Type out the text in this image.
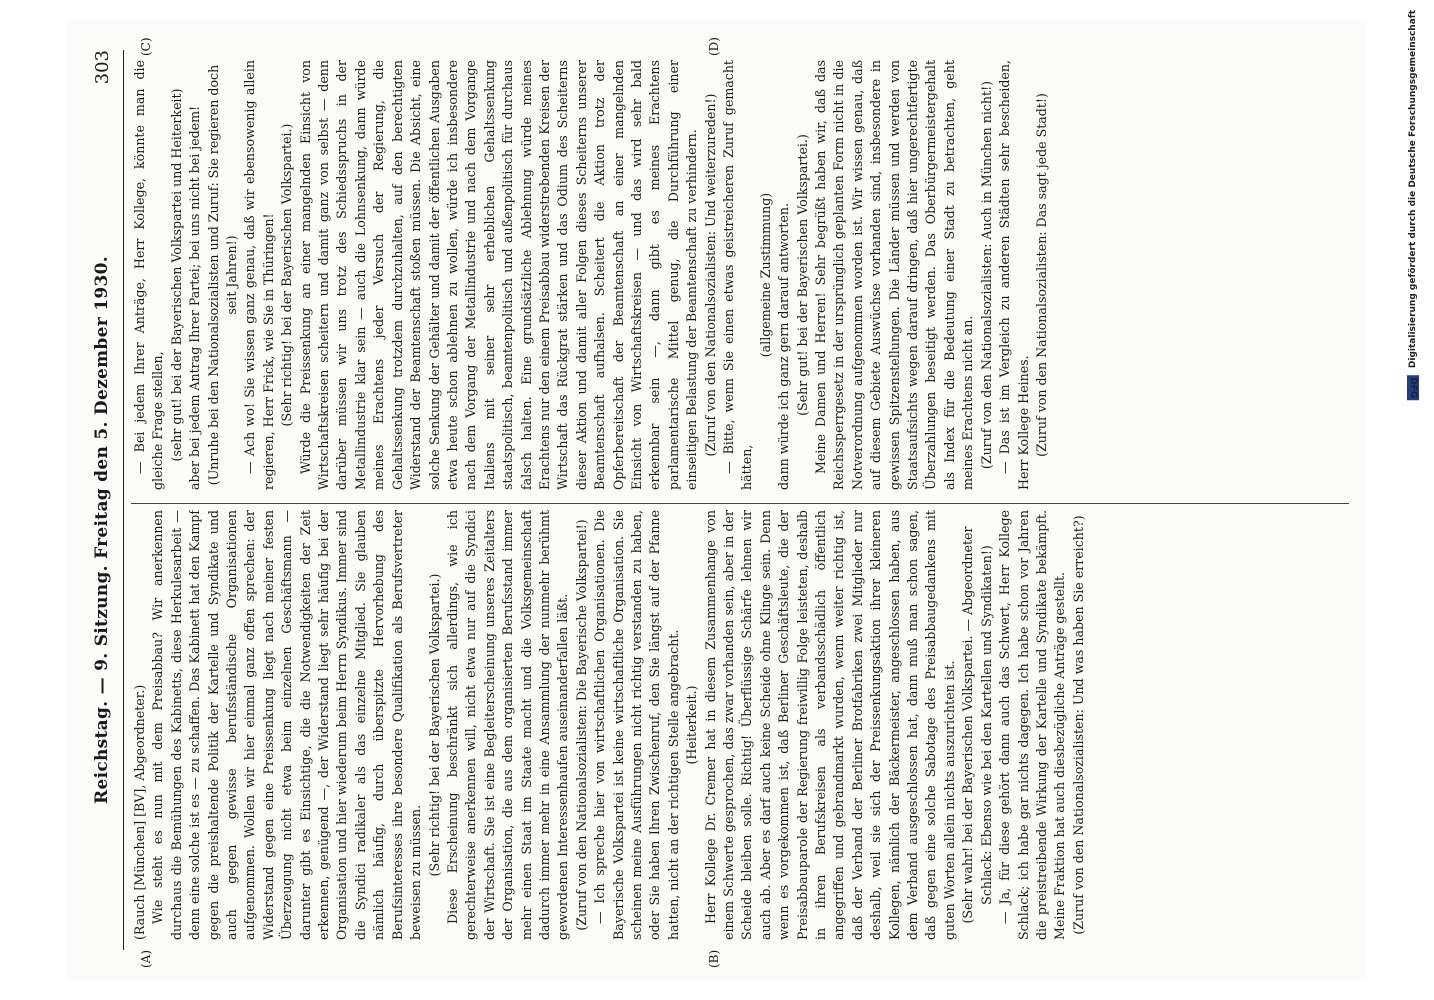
Reichstag. — 9. Sitzung. Freitag den 5. Dezember 1930.
303
(A)	(B)
(C)	(D)

(Rauch [München] [BV], Abgeordneter.) Wie steht es nun mit dem Preisabbau? Wir anerkennen durchaus die Bemühungen des Kabinetts, diese Herkulesarbeit — denn eine solche ist es — zu schaffen. Das Kabinett hat den Kampf gegen die preishaltende Politik der Kartelle und Syndikate und auch gegen gewisse berufsständische Organisationen aufgenommen. Wollen wir hier einmal ganz offen sprechen: der Widerstand gegen eine Preissenkung liegt nach meiner festen Überzeugung nicht etwa beim einzelnen Geschäftsmann — darunter gibt es Einsichtige, die die Notwendigkeiten der Zeit erkennen, genügend —, der Widerstand liegt sehr häufig bei der Organisation und hier wiederum beim Herrn Syndikus. Immer sind die Syndici radikaler als das einzelne Mitglied. Sie glauben nämlich häufig, durch überspitzte Hervorhebung des Berufsinteresses ihre besondere Qualifikation als Berufsvertreter beweisen zu müssen. (Sehr richtig! bei der Bayerischen Volkspartei.) Diese Erscheinung beschränkt sich allerdings, wie ich gerechterweise anerkennen will, nicht etwa nur auf die Syndici der Wirtschaft. Sie ist eine Begleiterscheinung unseres Zeitalters der Organisation, die aus dem organisierten Berufsstand immer mehr einen Staat im Staate macht und die Volksgemeinschaft dadurch immer mehr in eine Ansammlung der nunmehr berühmt gewordenen Interessenhaufen auseinanderfallen läßt. (Zuruf von den Nationalsozialisten: Die Bayerische Volkspartei!) — Ich spreche hier von wirtschaftlichen Organisationen. Die Bayerische Volkspartei ist keine wirtschaftliche Organisation. Sie scheinen meine Ausführungen nicht richtig verstanden zu haben, oder Sie haben Ihren Zwischenruf, den Sie längst auf der Pfanne hatten, nicht an der richtigen Stelle angebracht. (Heiterkeit.) Herr Kollege Dr. Cremer hat in diesem Zusammenhange von einem Schwerte gesprochen, das zwar vorhanden sein, aber in der Scheide bleiben solle. Richtig! Überflüssige Schärfe lehnen wir auch ab. Aber es darf auch keine Scheide ohne Klinge sein. Denn wenn es vorgekommen ist, daß Berliner Geschäftsleute, die der Preisabbauparole der Regierung freiwillig Folge leisteten, deshalb in ihren Berufskreisen als verbandsschädlich öffentlich angegriffen und gebrandmarkt wurden, wenn weiter richtig ist, daß der Verband der Berliner Brotfabriken zwei Mitglieder nur deshalb, weil sie sich der Preissenkungsaktion ihrer kleineren Kollegen, nämlich der Bäckermeister, angeschlossen haben, aus dem Verband ausgeschlossen hat, dann muß man schon sagen, daß gegen eine solche Sabotage des Preisabbaugedankens mit guten Worten allein nichts auszurichten ist. (Sehr wahr! bei der Bayerischen Volkspartei. — Abgeordneter Schlack: Ebenso wie bei den Kartellen und Syndikaten!) — Ja, für diese gehört dann auch das Schwert, Herr Kollege Schlack; ich habe gar nichts dagegen. Ich habe schon vor Jahren die preistreibende Wirkung der Kartelle und Syndikate bekämpft. Meine Fraktion hat auch diesbezügliche Anträge gestellt. (Zuruf von den Nationalsozialisten: Und was haben Sie erreicht?)

— Bei jedem Ihrer Anträge, Herr Kollege, könnte man die gleiche Frage stellen, (sehr gut! bei der Bayerischen Volkspartei und Heiterkeit) aber bei jedem Antrag Ihrer Partei; bei uns nicht bei jedem! (Unruhe bei den Nationalsozialisten und Zuruf: Sie regieren doch seit Jahren!) — Ach wo! Sie wissen ganz genau, daß wir ebensowenig allein regieren, Herr Frick, wie Sie in Thüringen! (Sehr richtig! bei der Bayerischen Volkspartei.) Würde die Preissenkung an einer mangelnden Einsicht von Wirtschaftskreisen scheitern und damit ganz von selbst — denn darüber müssen wir uns trotz des Schiedsspruchs in der Metallindustrie klar sein — auch die Lohnsenkung, dann würde meines Erachtens jeder Versuch der Regierung, die Gehaltssenkung trotzdem durchzuhalten, auf den berechtigten Widerstand der Beamtenschaft stoßen müssen. Die Absicht, eine solche Senkung der Gehälter und damit der öffentlichen Ausgaben etwa heute schon ablehnen zu wollen, würde ich insbesondere nach dem Vorgang der Metallindustrie und nach dem Vorgange Italiens mit seiner sehr erheblichen Gehaltssenkung staatspolitisch, beamtenpolitisch und außenpolitisch für durchaus falsch halten. Eine grundsätzliche Ablehnung würde meines Erachtens nur den einem Preisabbau widerstrebenden Kreisen der Wirtschaft das Rückgrat stärken und das Odium des Scheiterns dieser Aktion und damit aller Folgen dieses Scheiterns unserer Beamtenschaft aufhalsen. Scheitert die Aktion trotz der Opferbereitschaft der Beamtenschaft an einer mangelnden Einsicht von Wirtschaftskreisen — und das wird sehr bald erkennbar sein —, dann gibt es meines Erachtens parlamentarische Mittel genug, die Durchführung einer einseitigen Belastung der Beamtenschaft zu verhindern. (Zuruf von den Nationalsozialisten: Und weiterzureden!) — Bitte, wenn Sie einen etwas geistreicheren Zuruf gemacht hätten,

(allgemeine Zustimmung) dann würde ich ganz gern darauf antworten. (Sehr gut! bei der Bayerischen Volkspartei.) Meine Damen und Herren! Sehr begrüßt haben wir, daß das Reichssperrgesetz in der ursprünglich geplanten Form nicht in die Notverordnung aufgenommen worden ist. Wir wissen genau, daß auf diesem Gebiete Auswüchse vorhanden sind, insbesondere in gewissen Spitzenstellungen. Die Länder müssen und werden von Staatsaufsichts wegen darauf dringen, daß hier ungerechtfertigte Überzahlungen beseitigt werden. Das Oberbürgermeistergehalt als Index für die Bedeutung einer Stadt zu betrachten, geht meines Erachtens nicht an. (Zuruf von den Nationalsozialisten: Auch in München nicht!) — Das ist im Vergleich zu anderen Städten sehr bescheiden, Herr Kollege Heines. (Zuruf von den Nationalsozialisten: Das sagt jede Stadt!)	DFG Digitalisierung gefördert durch die Deutsche Forschungsgemeinschaft
